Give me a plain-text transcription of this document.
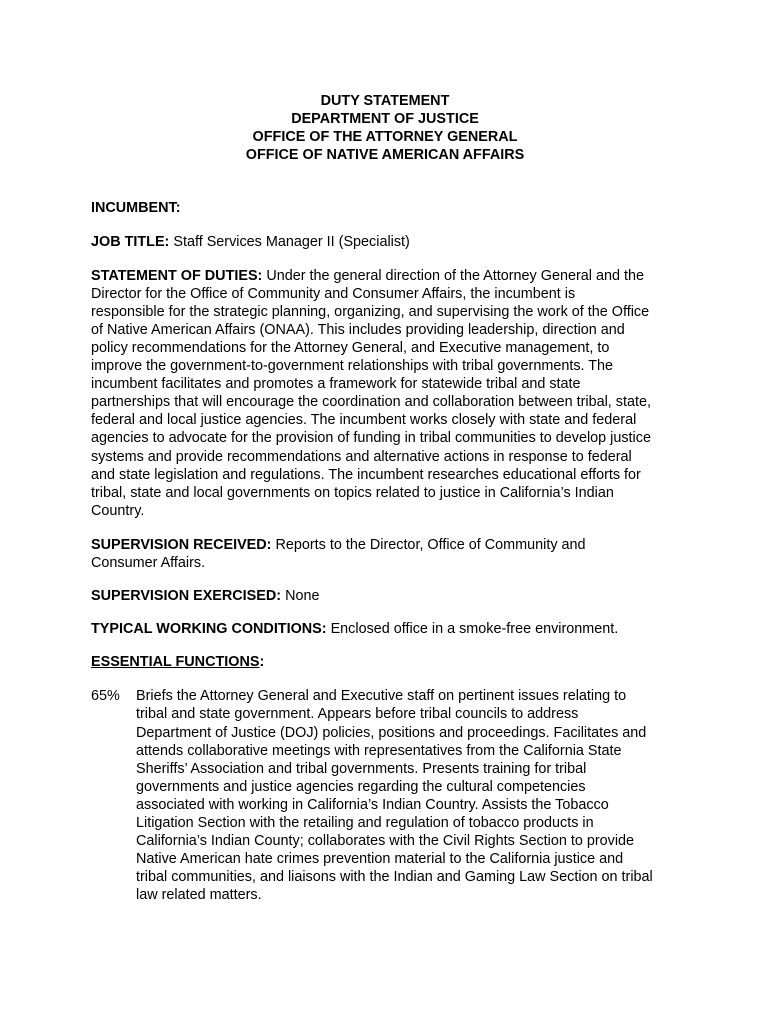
DUTY STATEMENT
DEPARTMENT OF JUSTICE
OFFICE OF THE ATTORNEY GENERAL
OFFICE OF NATIVE AMERICAN AFFAIRS
INCUMBENT:
JOB TITLE: Staff Services Manager II (Specialist)
STATEMENT OF DUTIES: Under the general direction of the Attorney General and the
Director for the Office of Community and Consumer Affairs, the incumbent is
responsible for the strategic planning, organizing, and supervising the work of the Office
of Native American Affairs (ONAA). This includes providing leadership, direction and
policy recommendations for the Attorney General, and Executive management, to
improve the government-to-government relationships with tribal governments. The
incumbent facilitates and promotes a framework for statewide tribal and state
partnerships that will encourage the coordination and collaboration between tribal, state,
federal and local justice agencies. The incumbent works closely with state and federal
agencies to advocate for the provision of funding in tribal communities to develop justice
systems and provide recommendations and alternative actions in response to federal
and state legislation and regulations. The incumbent researches educational efforts for
tribal, state and local governments on topics related to justice in California’s Indian
Country.
SUPERVISION RECEIVED: Reports to the Director, Office of Community and
Consumer Affairs.
SUPERVISION EXERCISED: None
TYPICAL WORKING CONDITIONS: Enclosed office in a smoke-free environment.
ESSENTIAL FUNCTIONS:
65%	Briefs the Attorney General and Executive staff on pertinent issues relating to
tribal and state government. Appears before tribal councils to address
Department of Justice (DOJ) policies, positions and proceedings. Facilitates and
attends collaborative meetings with representatives from the California State
Sheriffs’ Association and tribal governments. Presents training for tribal
governments and justice agencies regarding the cultural competencies
associated with working in California’s Indian Country. Assists the Tobacco
Litigation Section with the retailing and regulation of tobacco products in
California’s Indian County; collaborates with the Civil Rights Section to provide
Native American hate crimes prevention material to the California justice and
tribal communities, and liaisons with the Indian and Gaming Law Section on tribal
law related matters.
